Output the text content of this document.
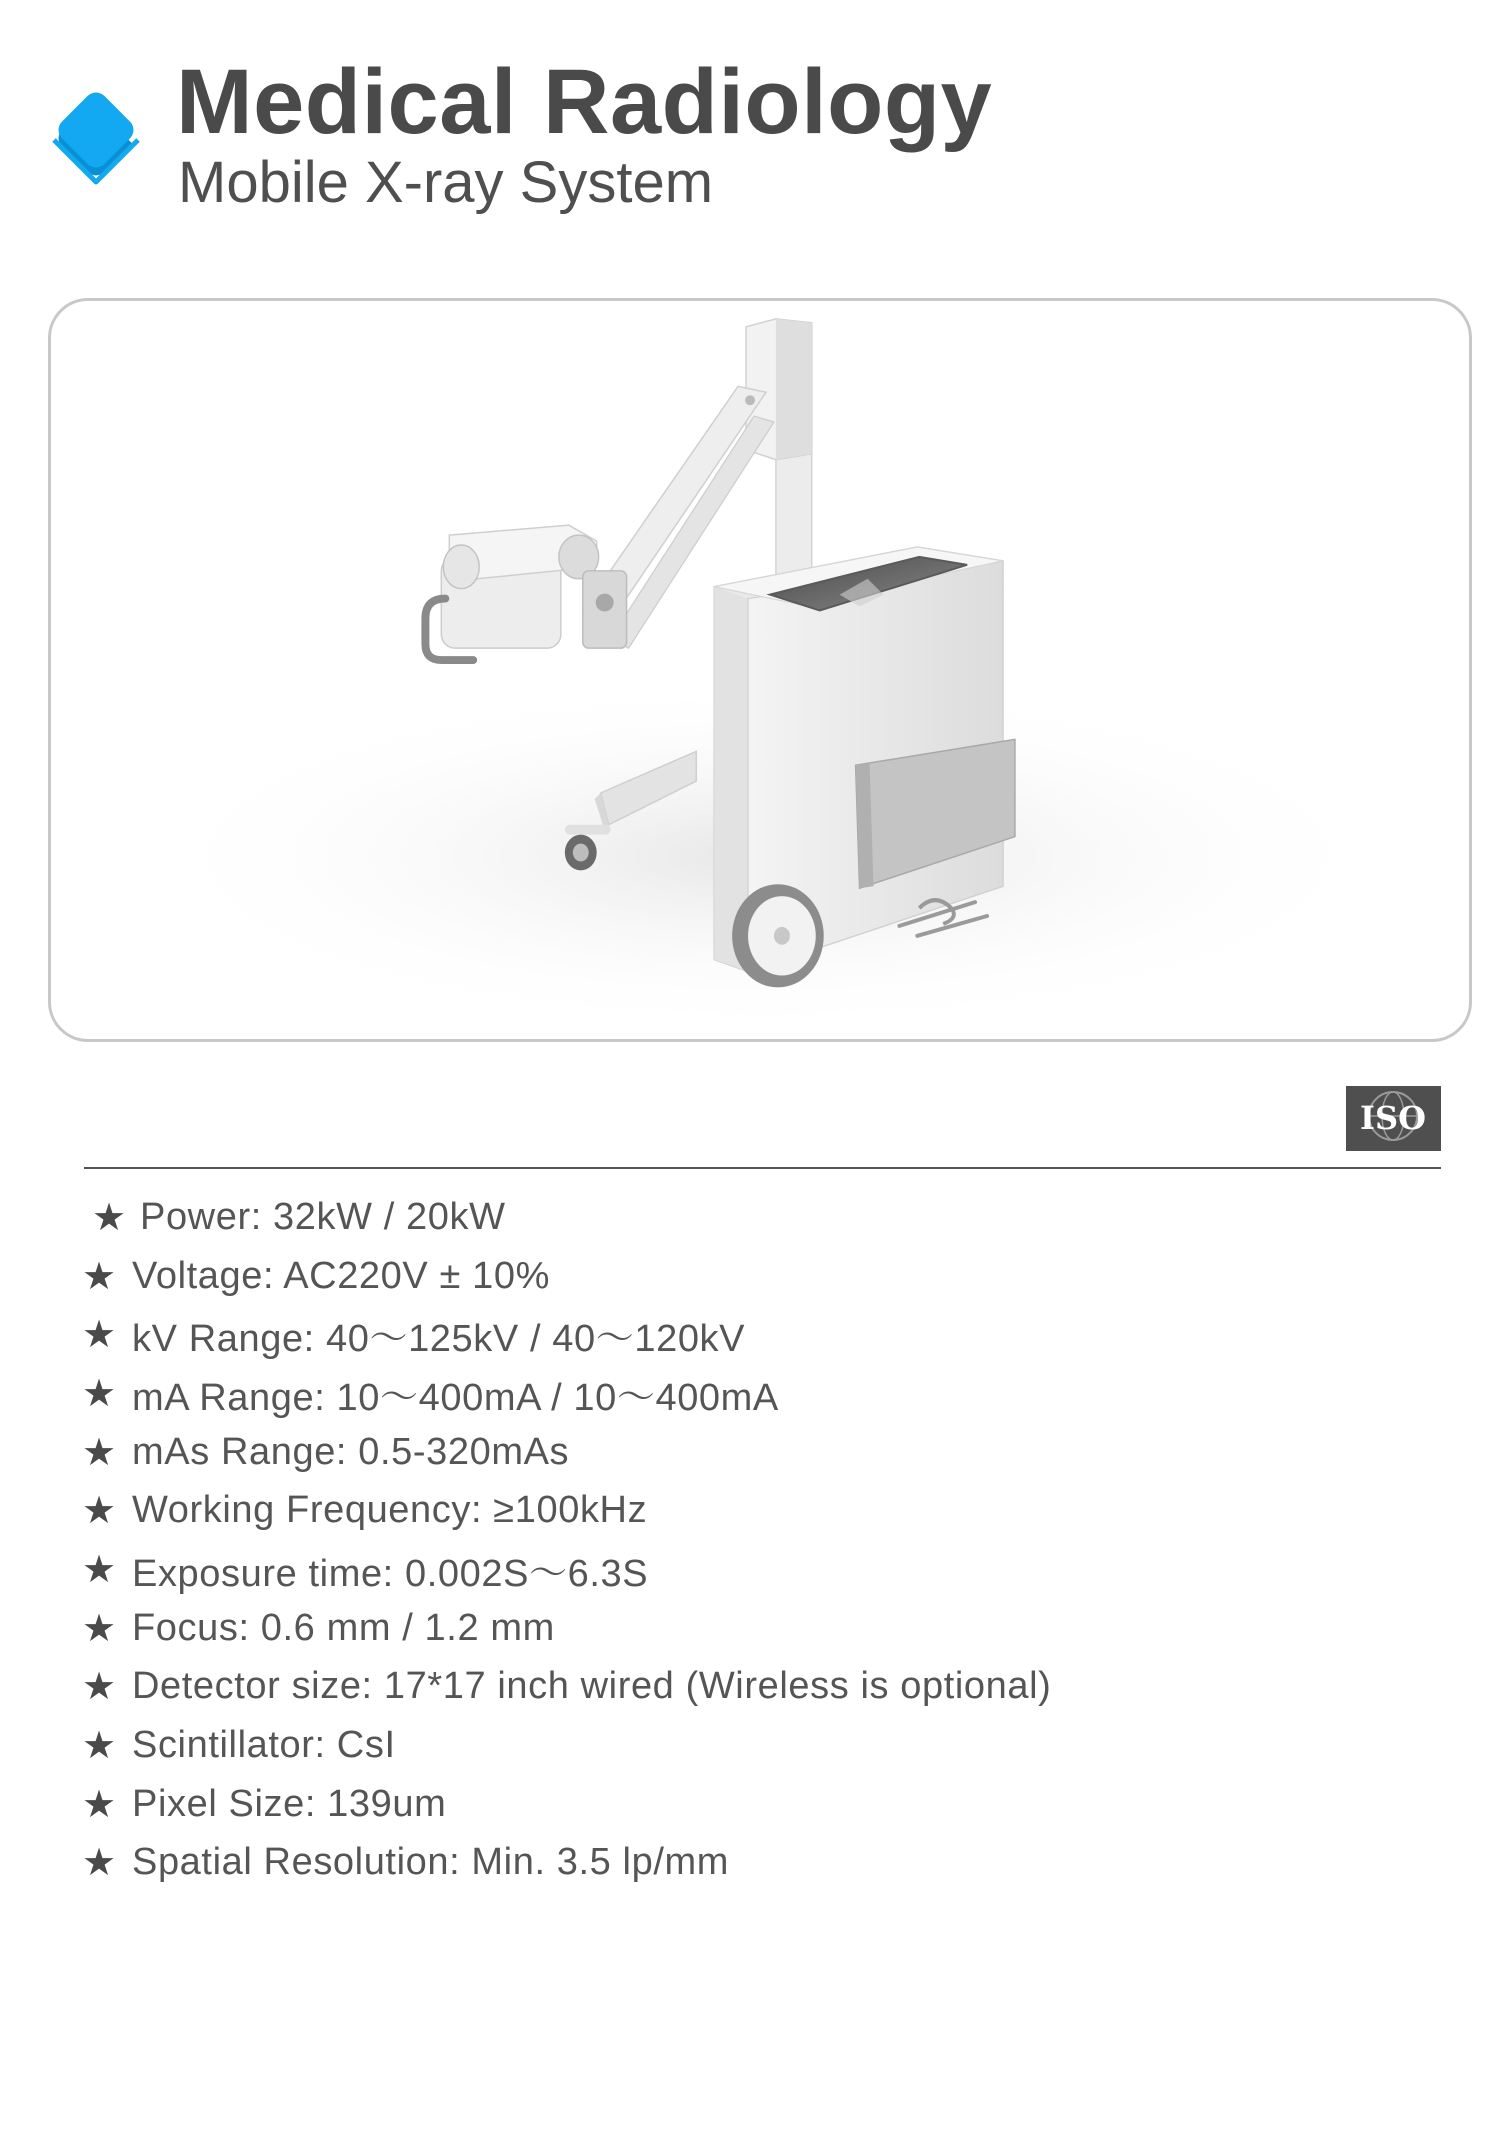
Medical Radiology
Mobile X-ray System
ISO
★ Power: 32kW / 20kW
★ Voltage: AC220V ± 10%
★ kV Range: 40～125kV / 40～120kV
★ mA Range: 10～400mA / 10～400mA
★ mAs Range: 0.5-320mAs
★ Working Frequency: ≥100kHz
★ Exposure time: 0.002S～6.3S
★ Focus: 0.6 mm / 1.2 mm
★ Detector size: 17*17 inch wired (Wireless is optional)
★ Scintillator: CsI
★ Pixel Size: 139um
★ Spatial Resolution: Min. 3.5 lp/mm
